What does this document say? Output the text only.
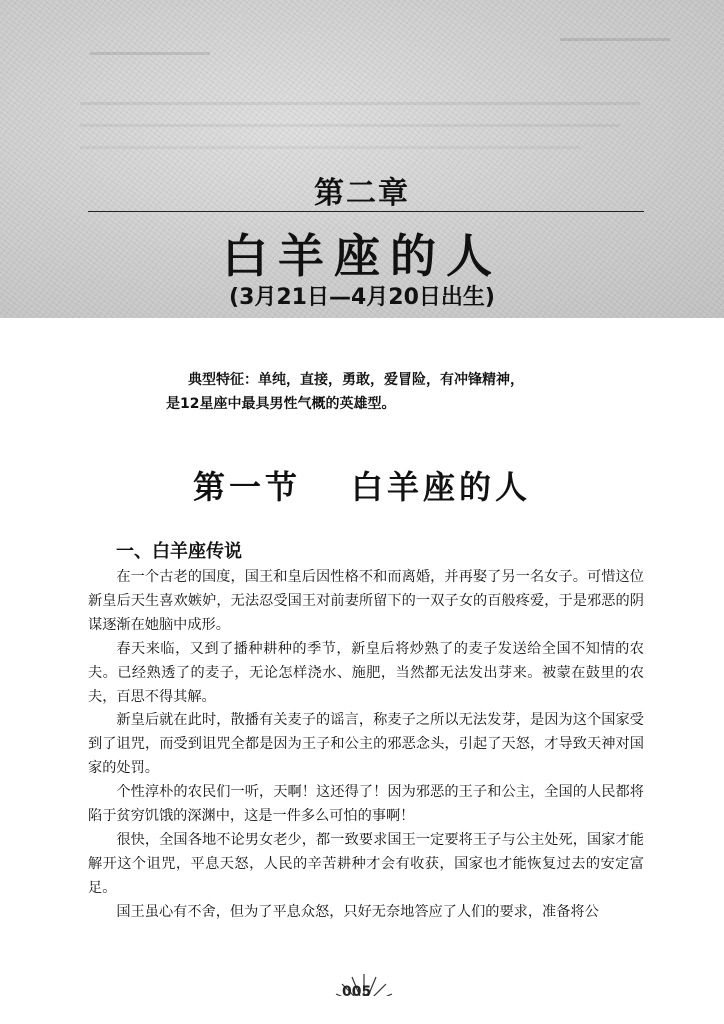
第二章
白羊座的人
(3月21日—4月20日出生)
典型特征：单纯，直接，勇敢，爱冒险，有冲锋精神，
是12星座中最具男性气概的英雄型。
第一节 白羊座的人
一、白羊座传说

在一个古老的国度，国王和皇后因性格不和而离婚，并再娶了另一名女子。可惜这位新皇后天生喜欢嫉妒，无法忍受国王对前妻所留下的一双子女的百般疼爱，于是邪恶的阴谋逐渐在她脑中成形。

春天来临，又到了播种耕种的季节，新皇后将炒熟了的麦子发送给全国不知情的农夫。已经熟透了的麦子，无论怎样浇水、施肥，当然都无法发出芽来。被蒙在鼓里的农夫，百思不得其解。

新皇后就在此时，散播有关麦子的谣言，称麦子之所以无法发芽，是因为这个国家受到了诅咒，而受到诅咒全都是因为王子和公主的邪恶念头，引起了天怒，才导致天神对国家的处罚。

个性淳朴的农民们一听，天啊！这还得了！因为邪恶的王子和公主，全国的人民都将陷于贫穷饥饿的深渊中，这是一件多么可怕的事啊！

很快，全国各地不论男女老少，都一致要求国王一定要将王子与公主处死，国家才能解开这个诅咒，平息天怒，人民的辛苦耕种才会有收获，国家也才能恢复过去的安定富足。

国王虽心有不舍，但为了平息众怒，只好无奈地答应了人们的要求，准备将公

005
